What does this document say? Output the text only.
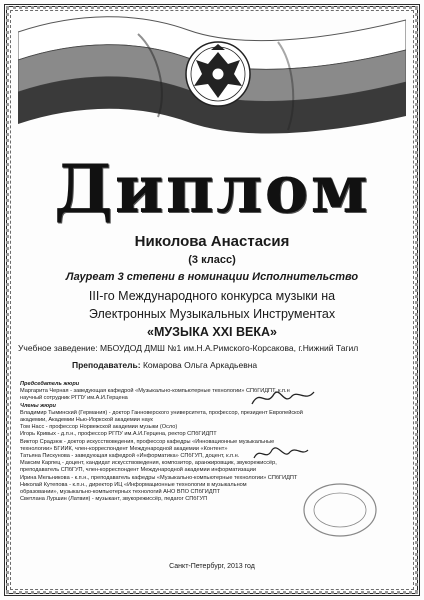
Диплом
Николова Анастасия
(3 класс)
Лауреат 3 степени в номинации Исполнительство
III-го Международного конкурса музыки на
Электронных Музыкальных Инструментах
«МУЗЫКА XXI ВЕКА»
Учебное заведение: МБОУДОД ДМШ №1 им.Н.А.Римского-Корсакова, г.Нижний Тагил
Преподаватель: Комарова Ольга Аркадьевна
Председатель жюри
Маргарита Черная - заведующая кафедрой «Музыкально-компьютерные технологии» СПбГИДПТ, к.п.н
научный сотрудник РГПУ им.А.И.Герцена
Члены жюри
Владимир Тыминский (Германия) - доктор Ганноверского университета, профессор, президент Европейской
академии, Академии Нью-Йоркской академии наук
Том Насс - профессор Норвежской академии музыки (Осло)
Игорь Кривых - д.п.н., профессор РГПУ им.А.И.Герцена, ректор СПбГИДПТ
Виктор Срадзюк - доктор искусствоведения, профессор кафедры «Инновационные музыкальные
технологии» БГИИК, член-корреспондент Международной академии «Контент»
Татьяна Пискунова - заведующая кафедрой «Информатика» СПбГУП, доцент, к.п.н.
Максим Карпец - доцент, кандидат искусствоведения, композитор, аранжировщик, звукорежиссёр,
преподаватель СПбГУП, член-корреспондент Международной академии информатизации
Ирина Мельникова - к.п.н., преподаватель кафедры «Музыкально-компьютерные технологии» СПбГИДПТ
Николай Кутепова - к.п.н., директор ИЦ «Информационные технологии в музыкальном
образовании», музыкально-компьютерных технологий АНО ВПО СПбГИДПТ
Светлана Луршин (Латвия) - музыкант, звукорежиссёр, педагог СПбГУП
Санкт-Петербург, 2013 год
